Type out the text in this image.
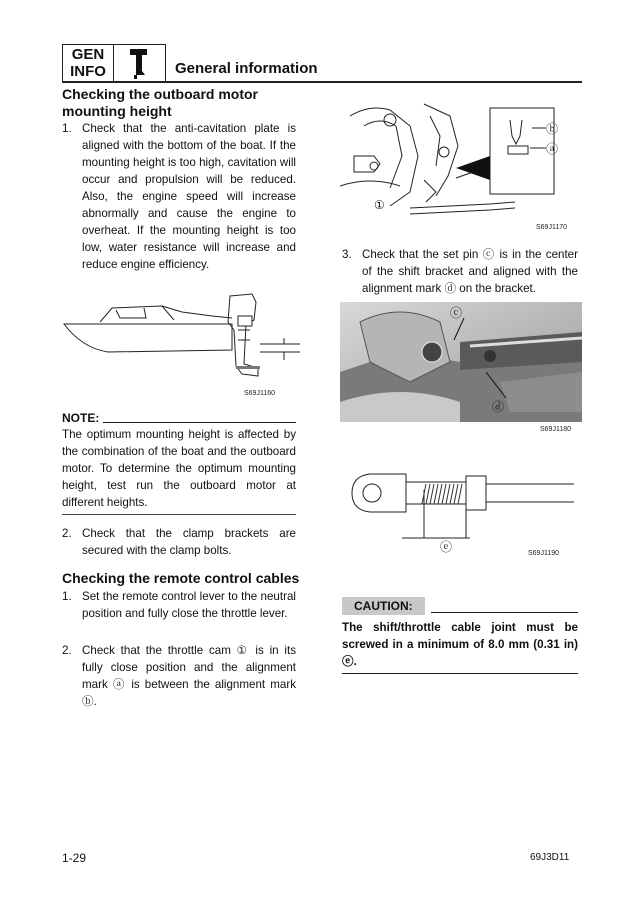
GEN
INFO	General information
Checking the outboard motor mounting height
1. Check that the anti-cavitation plate is aligned with the bottom of the boat. If the mounting height is too high, cavitation will occur and propulsion will be reduced. Also, the engine speed will increase abnormally and cause the engine to overheat. If the mounting height is too low, water resistance will increase and reduce engine efficiency.
S69J1160
NOTE:
The optimum mounting height is affected by the combination of the boat and the outboard motor. To determine the optimum mounting height, test run the outboard motor at different heights.
2. Check that the clamp brackets are secured with the clamp bolts.
Checking the remote control cables
1. Set the remote control lever to the neutral position and fully close the throttle lever.
2. Check that the throttle cam ① is in its fully close position and the alignment mark ⓐ is between the alignment mark ⓑ.
ⓑ
ⓐ
①
S69J1170
3. Check that the set pin ⓒ is in the center of the shift bracket and aligned with the alignment mark ⓓ on the bracket.
ⓒ
ⓓ
S69J1180
ⓔ	S69J1190
CAUTION:
The shift/throttle cable joint must be screwed in a minimum of 8.0 mm (0.31 in) ⓔ.
1-29	69J3D11
